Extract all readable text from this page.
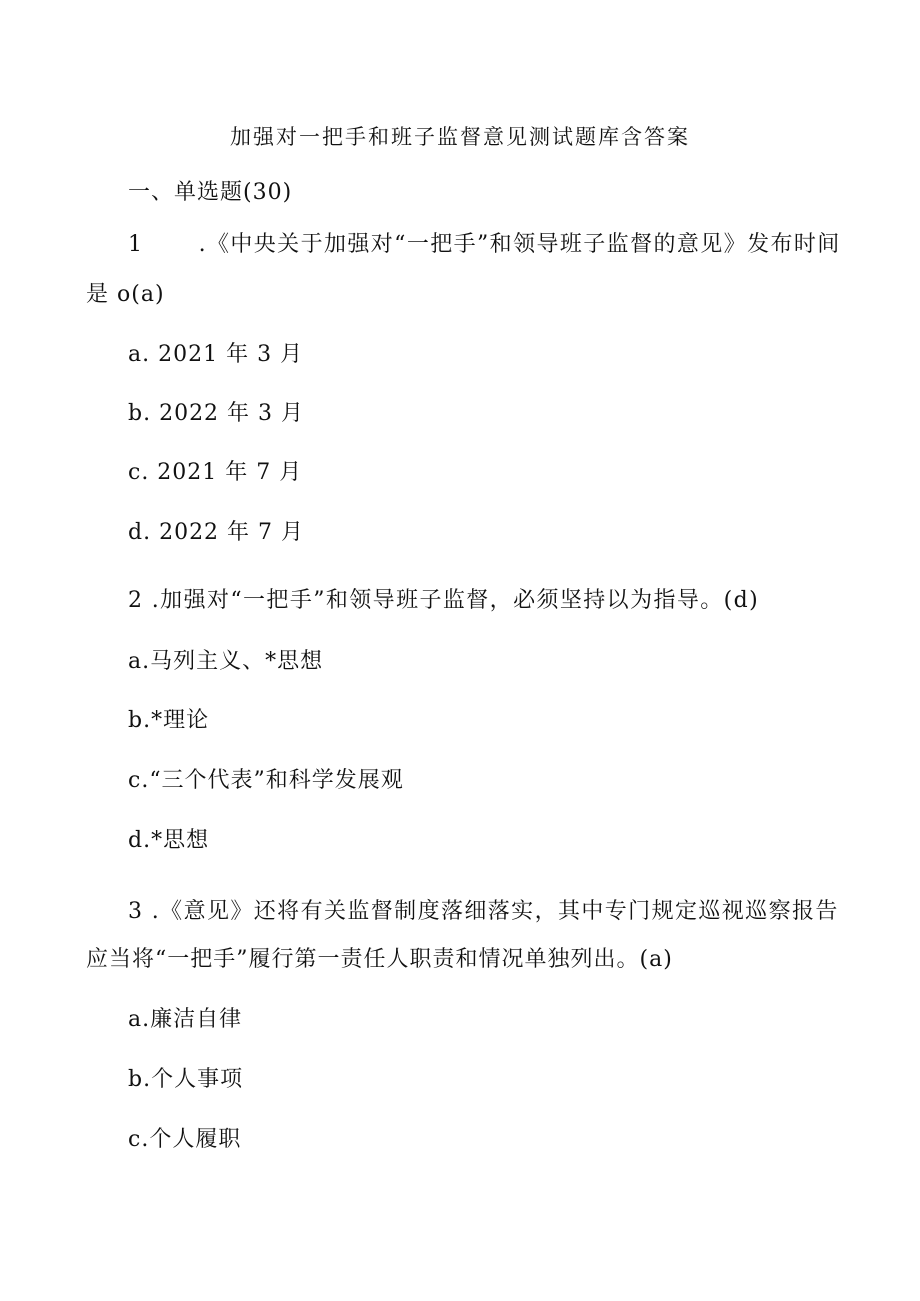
加强对一把手和班子监督意见测试题库含答案
一、单选题(30)
1 　　.《中央关于加强对“一把手”和领导班子监督的意见》发布时间
是 o(a)
a. 2021 年 3 月
b. 2022 年 3 月
c. 2021 年 7 月
d. 2022 年 7 月
2 .加强对“一把手”和领导班子监督，必须坚持以为指导。(d)
a.马列主义、*思想
b.*理论
c.“三个代表”和科学发展观
d.*思想
3 .《意见》还将有关监督制度落细落实，其中专门规定巡视巡察报告
应当将“一把手”履行第一责任人职责和情况单独列出。(a)
a.廉洁自律
b.个人事项
c.个人履职
